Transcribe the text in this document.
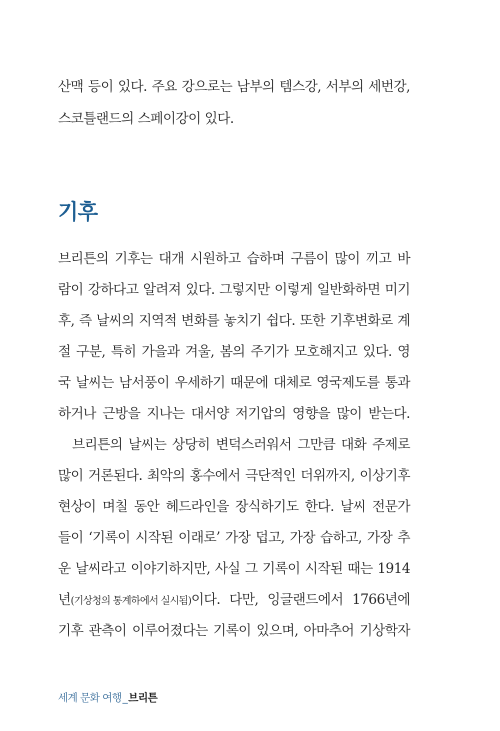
산맥 등이 있다. 주요 강으로는 남부의 템스강, 서부의 세번강,
스코틀랜드의 스페이강이 있다.
기후
브리튼의 기후는 대개 시원하고 습하며 구름이 많이 끼고 바
람이 강하다고 알려져 있다. 그렇지만 이렇게 일반화하면 미기
후, 즉 날씨의 지역적 변화를 놓치기 쉽다. 또한 기후변화로 계
절 구분, 특히 가을과 겨울, 봄의 주기가 모호해지고 있다. 영
국 날씨는 남서풍이 우세하기 때문에 대체로 영국제도를 통과
하거나 근방을 지나는 대서양 저기압의 영향을 많이 받는다.
브리튼의 날씨는 상당히 변덕스러워서 그만큼 대화 주제로
많이 거론된다. 최악의 홍수에서 극단적인 더위까지, 이상기후
현상이 며칠 동안 헤드라인을 장식하기도 한다. 날씨 전문가
들이 ‘기록이 시작된 이래로’ 가장 덥고, 가장 습하고, 가장 추
운 날씨라고 이야기하지만, 사실 그 기록이 시작된 때는 1914
년 (기상청의 통계하에서 실시됨) 이다. 다만, 잉글랜드에서 1766년에
기후 관측이 이루어졌다는 기록이 있으며, 아마추어 기상학자
세계 문화 여행_브리튼
